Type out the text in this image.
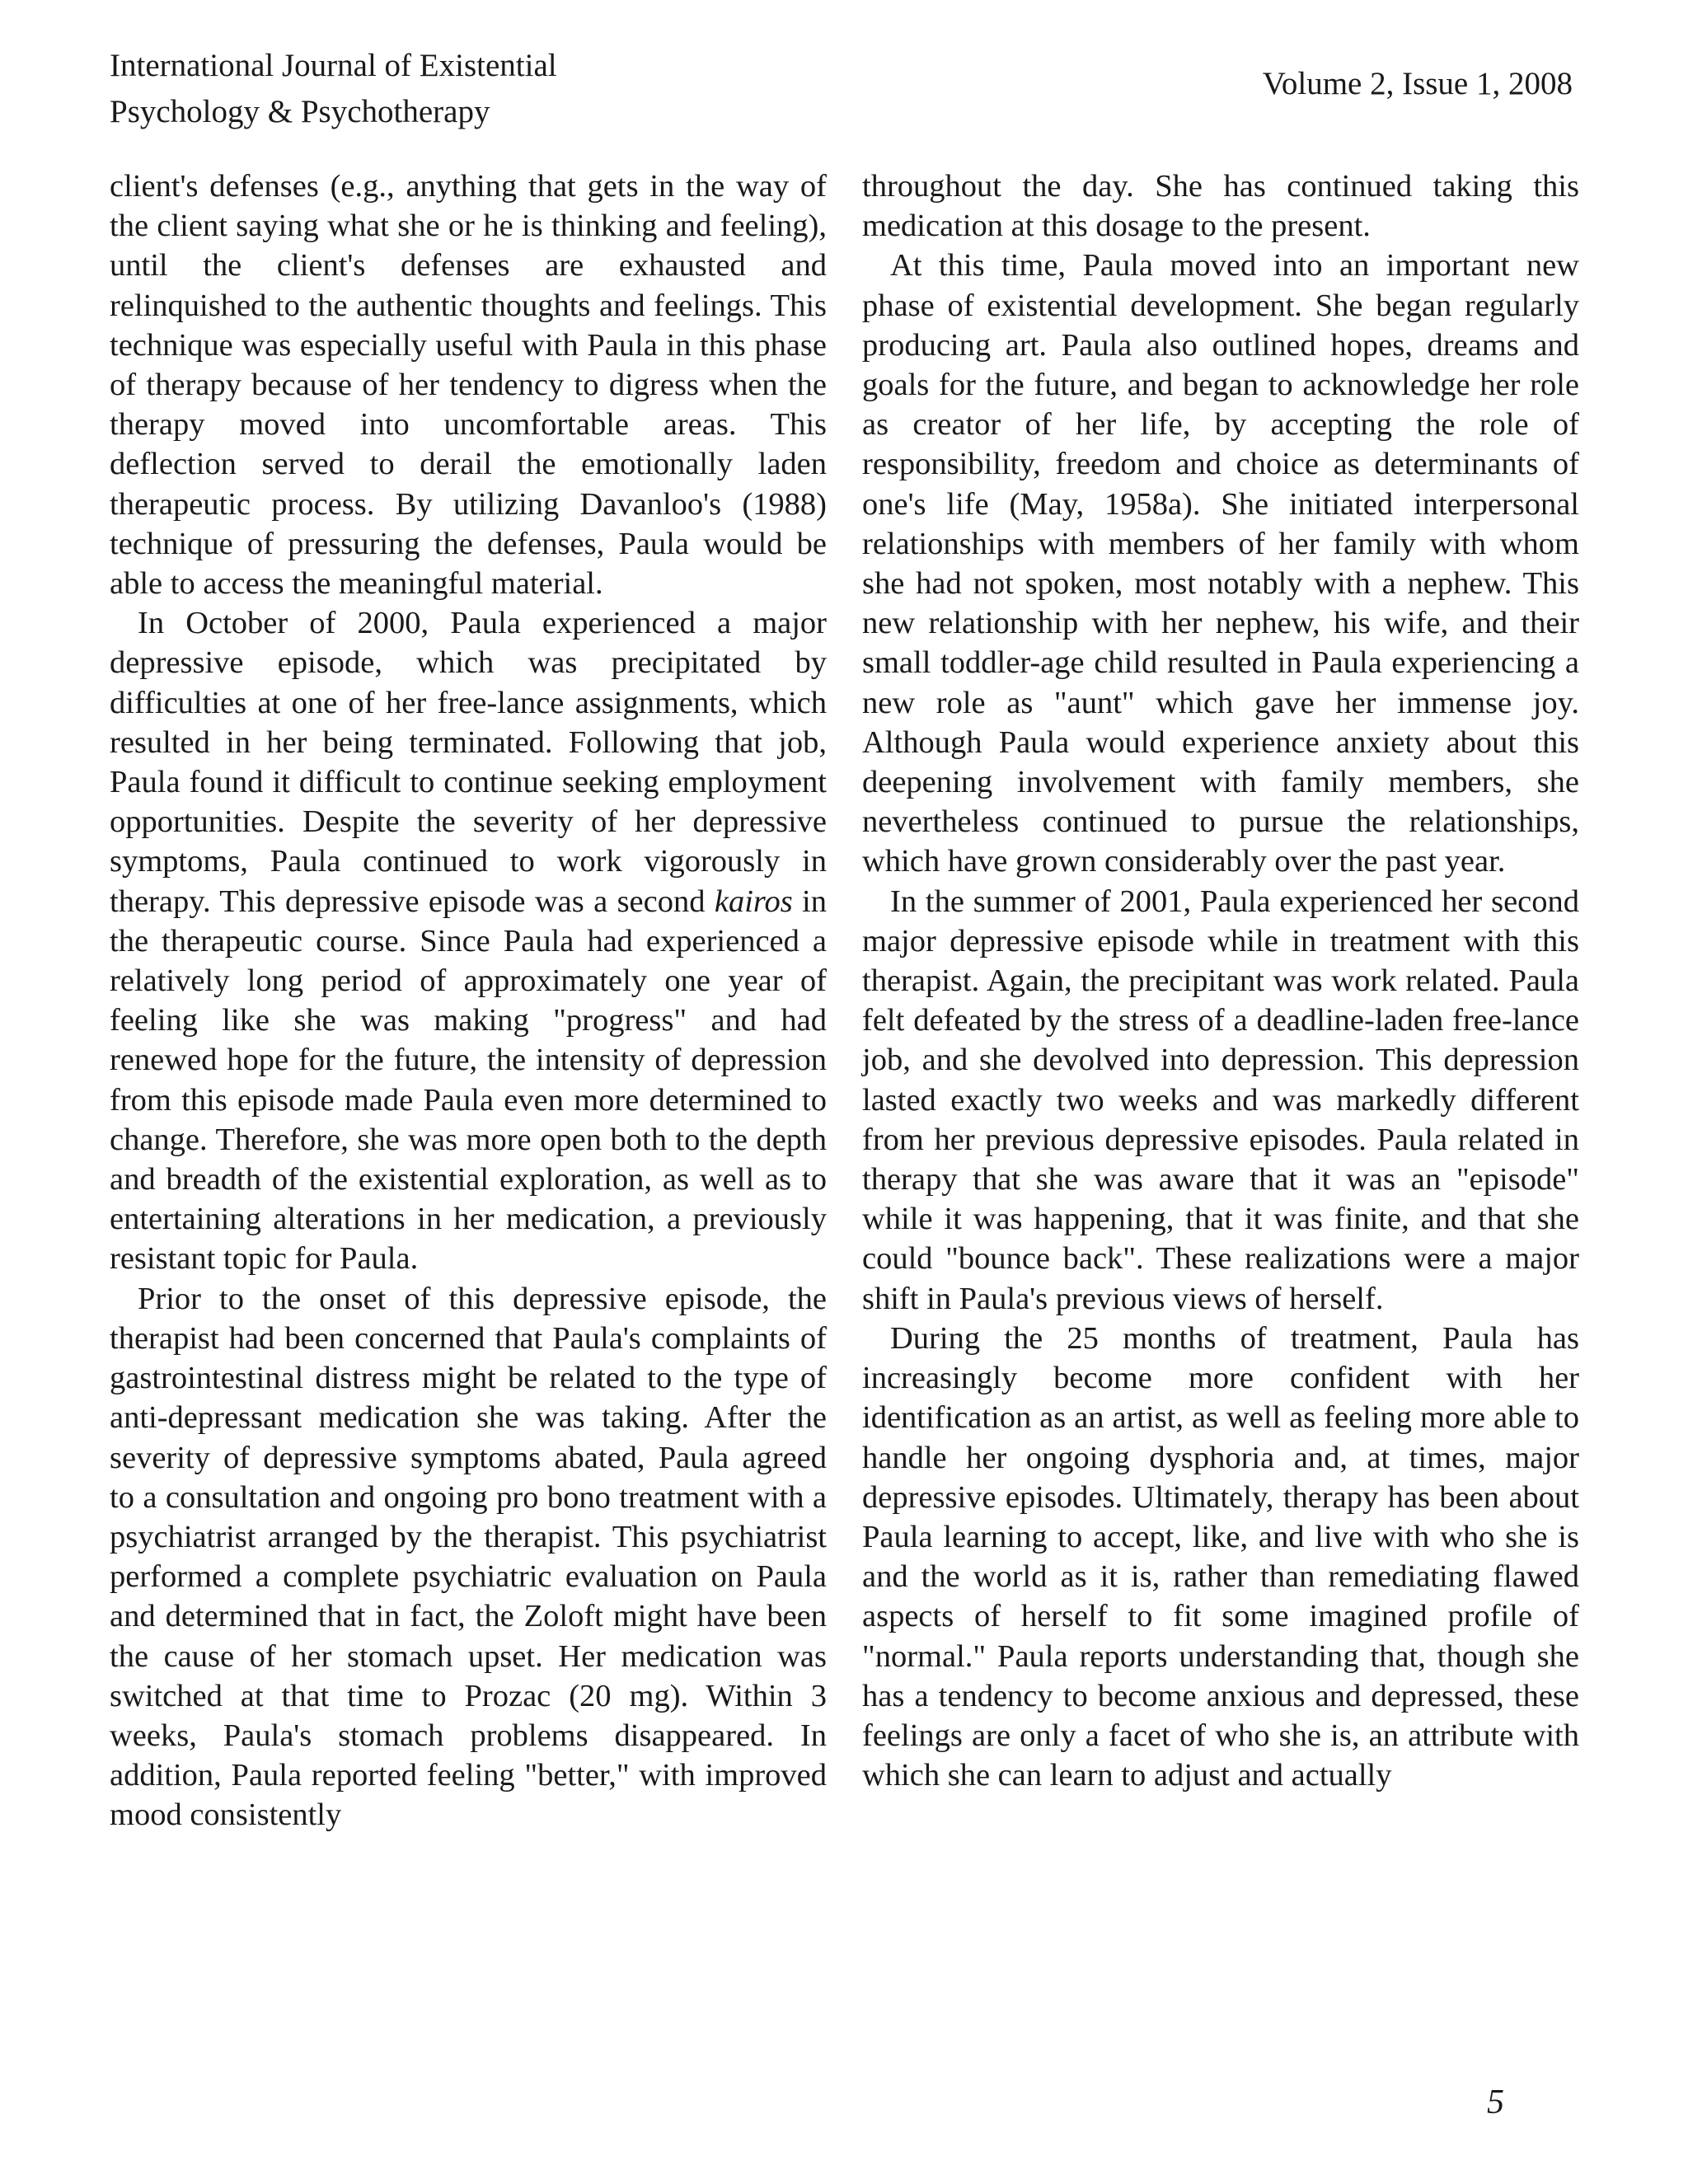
International Journal of Existential
Psychology & Psychotherapy
Volume 2, Issue 1, 2008

client's defenses (e.g., anything that gets in the way of the client saying what she or he is thinking and feeling), until the client's defenses are exhausted and relinquished to the authentic thoughts and feelings. This technique was especially useful with Paula in this phase of therapy because of her tendency to digress when the therapy moved into uncomfortable areas. This deflection served to derail the emotionally laden therapeutic process. By utilizing Davanloo's (1988) technique of pressuring the defenses, Paula would be able to access the meaningful material.

In October of 2000, Paula experienced a major depressive episode, which was precipitated by difficulties at one of her free-lance assignments, which resulted in her being terminated. Following that job, Paula found it difficult to continue seeking employment opportunities. Despite the severity of her depressive symptoms, Paula continued to work vigorously in therapy. This depressive episode was a second kairos in the therapeutic course. Since Paula had experienced a relatively long period of approximately one year of feeling like she was making "progress" and had renewed hope for the future, the intensity of depression from this episode made Paula even more determined to change. Therefore, she was more open both to the depth and breadth of the existential exploration, as well as to entertaining alterations in her medication, a previously resistant topic for Paula.

Prior to the onset of this depressive episode, the therapist had been concerned that Paula's complaints of gastrointestinal distress might be related to the type of anti-depressant medication she was taking. After the severity of depressive symptoms abated, Paula agreed to a consultation and ongoing pro bono treatment with a psychiatrist arranged by the therapist. This psychiatrist performed a complete psychiatric evaluation on Paula and determined that in fact, the Zoloft might have been the cause of her stomach upset. Her medication was switched at that time to Prozac (20 mg). Within 3 weeks, Paula's stomach problems disappeared. In addition, Paula reported feeling "better," with improved mood consistently

throughout the day. She has continued taking this medication at this dosage to the present.

At this time, Paula moved into an important new phase of existential development. She began regularly producing art. Paula also outlined hopes, dreams and goals for the future, and began to acknowledge her role as creator of her life, by accepting the role of responsibility, freedom and choice as determinants of one's life (May, 1958a). She initiated interpersonal relationships with members of her family with whom she had not spoken, most notably with a nephew. This new relationship with her nephew, his wife, and their small toddler-age child resulted in Paula experiencing a new role as "aunt" which gave her immense joy. Although Paula would experience anxiety about this deepening involvement with family members, she nevertheless continued to pursue the relationships, which have grown considerably over the past year.

In the summer of 2001, Paula experienced her second major depressive episode while in treatment with this therapist. Again, the precipitant was work related. Paula felt defeated by the stress of a deadline-laden free-lance job, and she devolved into depression. This depression lasted exactly two weeks and was markedly different from her previous depressive episodes. Paula related in therapy that she was aware that it was an "episode" while it was happening, that it was finite, and that she could "bounce back". These realizations were a major shift in Paula's previous views of herself.

During the 25 months of treatment, Paula has increasingly become more confident with her identification as an artist, as well as feeling more able to handle her ongoing dysphoria and, at times, major depressive episodes. Ultimately, therapy has been about Paula learning to accept, like, and live with who she is and the world as it is, rather than remediating flawed aspects of herself to fit some imagined profile of "normal." Paula reports understanding that, though she has a tendency to become anxious and depressed, these feelings are only a facet of who she is, an attribute with which she can learn to adjust and actually

5
